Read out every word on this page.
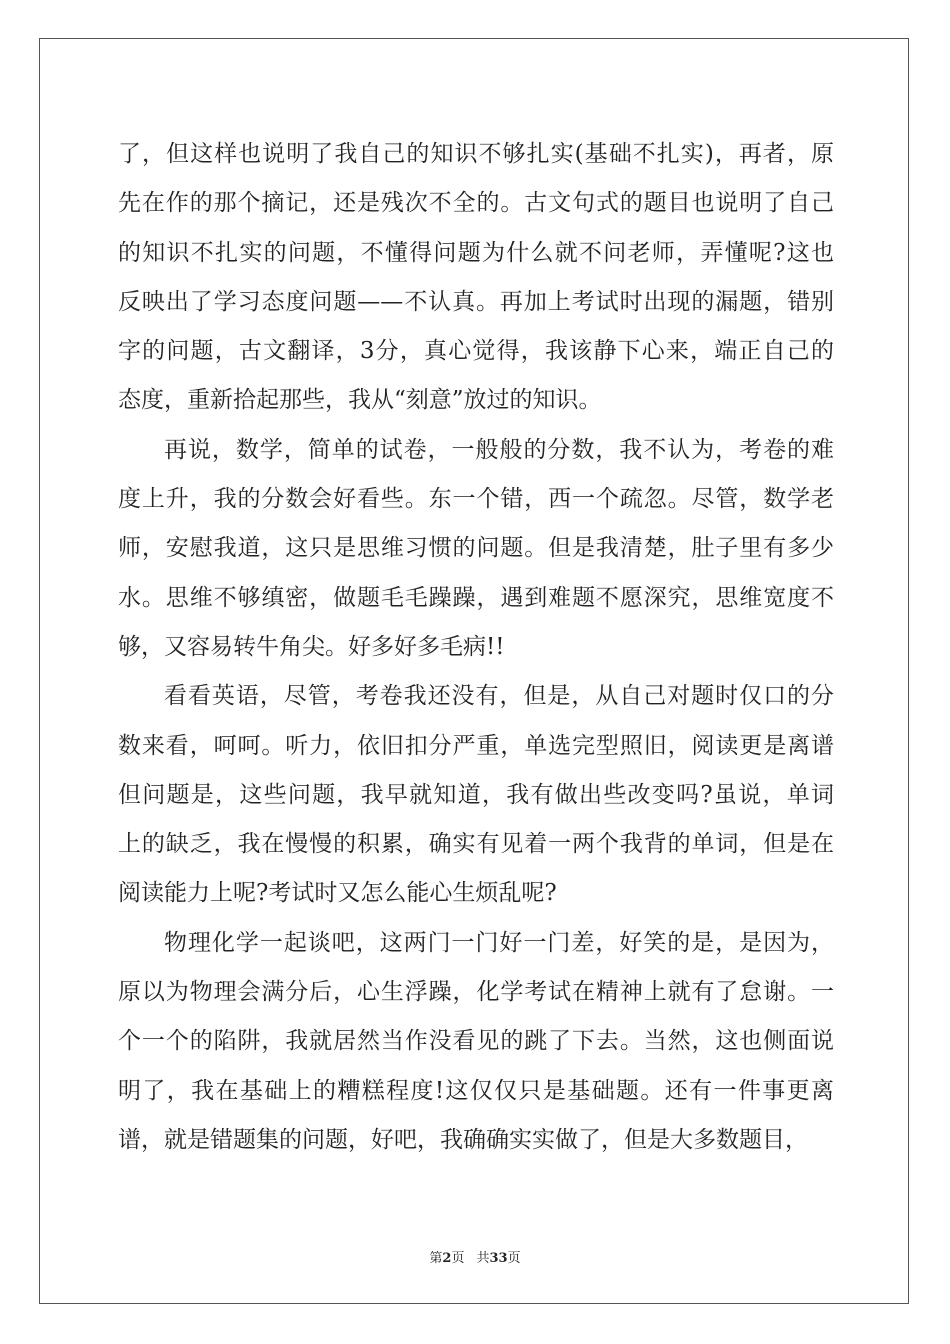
了，但这样也说明了我自己的知识不够扎实(基础不扎实)，再者，原
先在作的那个摘记，还是残次不全的。古文句式的题目也说明了自己
的知识不扎实的问题，不懂得问题为什么就不问老师，弄懂呢?这也
反映出了学习态度问题——不认真。再加上考试时出现的漏题，错别
字的问题，古文翻译，3分，真心觉得，我该静下心来，端正自己的
态度，重新拾起那些，我从“刻意”放过的知识。
再说，数学，简单的试卷，一般般的分数，我不认为，考卷的难
度上升，我的分数会好看些。东一个错，西一个疏忽。尽管，数学老
师，安慰我道，这只是思维习惯的问题。但是我清楚，肚子里有多少
水。思维不够缜密，做题毛毛躁躁，遇到难题不愿深究，思维宽度不
够，又容易转牛角尖。好多好多毛病!!
看看英语，尽管，考卷我还没有，但是，从自己对题时仅口的分
数来看，呵呵。听力，依旧扣分严重，单选完型照旧，阅读更是离谱
但问题是，这些问题，我早就知道，我有做出些改变吗?虽说，单词
上的缺乏，我在慢慢的积累，确实有见着一两个我背的单词，但是在
阅读能力上呢?考试时又怎么能心生烦乱呢?
物理化学一起谈吧，这两门一门好一门差，好笑的是，是因为，
原以为物理会满分后，心生浮躁，化学考试在精神上就有了怠谢。一
个一个的陷阱，我就居然当作没看见的跳了下去。当然，这也侧面说
明了，我在基础上的糟糕程度!这仅仅只是基础题。还有一件事更离
谱，就是错题集的问题，好吧，我确确实实做了，但是大多数题目，
第2页 共33页
